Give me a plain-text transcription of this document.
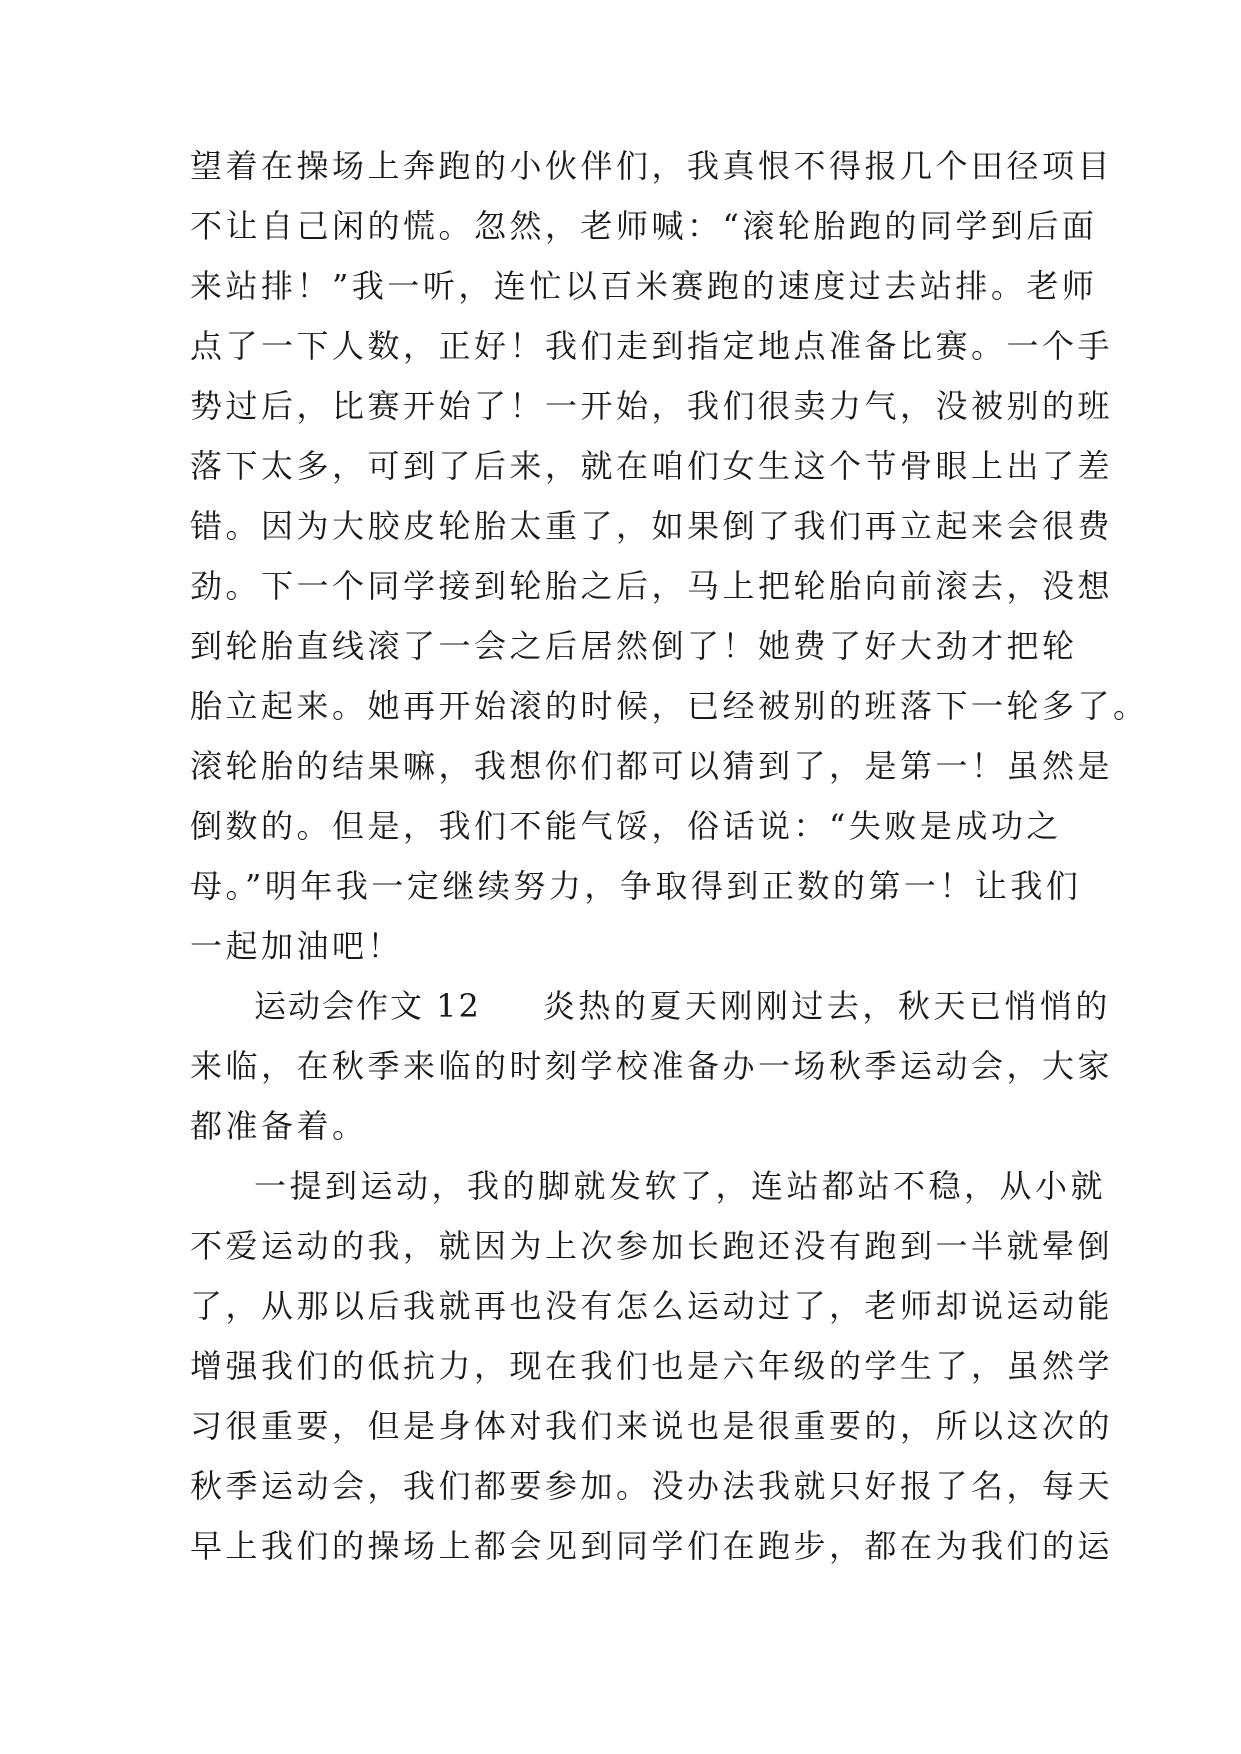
望着在操场上奔跑的小伙伴们，我真恨不得报几个田径项目
不让自己闲的慌。忽然，老师喊：“滚轮胎跑的同学到后面
来站排！”我一听，连忙以百米赛跑的速度过去站排。老师
点了一下人数，正好！我们走到指定地点准备比赛。一个手
势过后，比赛开始了！一开始，我们很卖力气，没被别的班
落下太多，可到了后来，就在咱们女生这个节骨眼上出了差
错。因为大胶皮轮胎太重了，如果倒了我们再立起来会很费
劲。下一个同学接到轮胎之后，马上把轮胎向前滚去，没想
到轮胎直线滚了一会之后居然倒了！她费了好大劲才把轮
胎立起来。她再开始滚的时候，已经被别的班落下一轮多了。
滚轮胎的结果嘛，我想你们都可以猜到了，是第一！虽然是
倒数的。但是，我们不能气馁，俗话说：“失败是成功之
母。”明年我一定继续努力，争取得到正数的第一！让我们
一起加油吧！
运动会作文 12 炎热的夏天刚刚过去，秋天已悄悄的
来临，在秋季来临的时刻学校准备办一场秋季运动会，大家
都准备着。
一提到运动，我的脚就发软了，连站都站不稳，从小就
不爱运动的我，就因为上次参加长跑还没有跑到一半就晕倒
了，从那以后我就再也没有怎么运动过了，老师却说运动能
增强我们的低抗力，现在我们也是六年级的学生了，虽然学
习很重要，但是身体对我们来说也是很重要的，所以这次的
秋季运动会，我们都要参加。没办法我就只好报了名，每天
早上我们的操场上都会见到同学们在跑步，都在为我们的运
